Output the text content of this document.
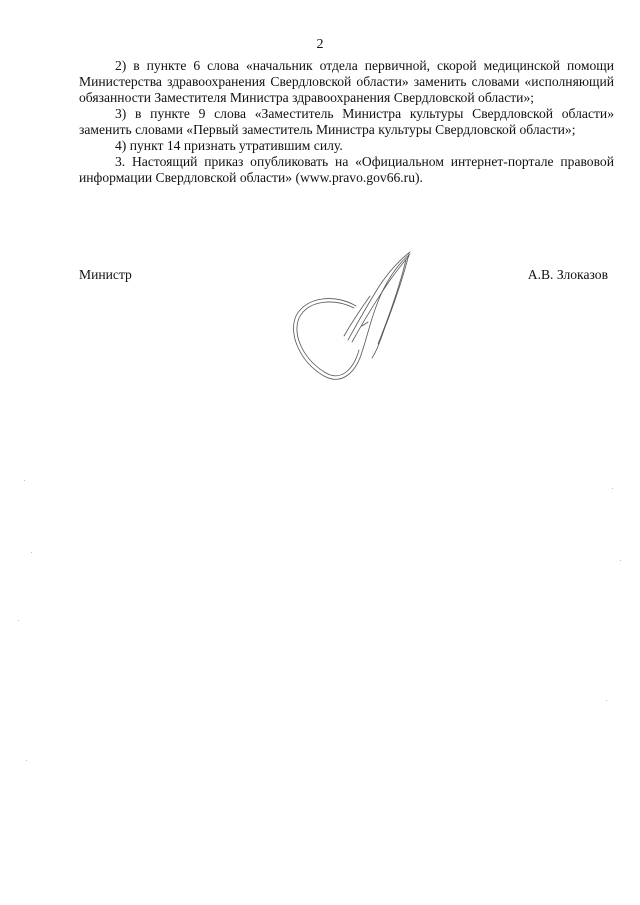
2

2) в пункте 6 слова «начальник отдела первичной, скорой медицинской помощи Министерства здравоохранения Свердловской области» заменить словами «исполняющий обязанности Заместителя Министра здравоохранения Свердловской области»;

3) в пункте 9 слова «Заместитель Министра культуры Свердловской области» заменить словами «Первый заместитель Министра культуры Свердловской области»;

4) пункт 14 признать утратившим силу.

3. Настоящий приказ опубликовать на «Официальном интернет-портале правовой информации Свердловской области» (www.pravo.gov66.ru).

Министр	А.В. Злоказов
